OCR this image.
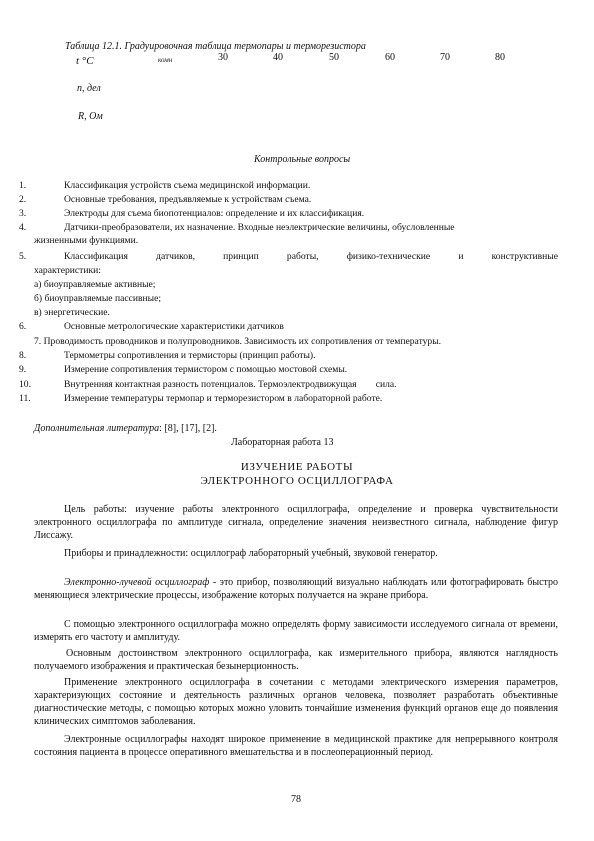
Таблица 12.1. Градуировочная таблица термопары и терморезистора
t °C	комн	30	40	50	60	70	80
n, дел
R, Ом
Контрольные вопросы
1.	Классификация устройств съема медицинской информации.
2.	Основные требования, предъявляемые к устройствам съема.
3.	Электроды для съема биопотенциалов: определение и их классификация.
4.	Датчики-преобразователи, их назначение. Входные неэлектрические величины, обусловленные
жизненными функциями.
5.	Классификация датчиков, принцип работы, физико-технические и конструктивные
характеристики:
а) биоуправляемые активные;
б) биоуправляемые пассивные;
в) энергетические.
6.	Основные метрологические характеристики датчиков
7. Проводимость проводников и полупроводников. Зависимость их сопротивления от температуры.
8.	Термометры сопротивления и термисторы (принцип работы).
9.	Измерение сопротивления термистором с помощью мостовой схемы.
10.	Внутренняя контактная разность потенциалов. Термоэлектродвижущая        сила.
11.	Измерение температуры термопар и терморезистором в лабораторной работе.
Дополнительная литература: [8], [17], [2].
Лабораторная работа 13
ИЗУЧЕНИЕ РАБОТЫ
ЭЛЕКТРОННОГО ОСЦИЛЛОГРАФА
Цель работы: изучение работы электронного осциллографа, определение и проверка чувствительности электронного осциллографа по амплитуде сигнала, определение значения неизвестного сигнала, наблюдение фигур Лиссажу.
Приборы и принадлежности: осциллограф лабораторный учебный, звуковой генератор.
Электронно-лучевой осциллограф - это прибор, позволяющий визуально наблюдать или фотографировать быстро меняющиеся электрические процессы, изображение которых получается на экране прибора.
С помощью электронного осциллографа можно определять форму зависимости исследуемого сигнала от времени, измерять его частоту и амплитуду.
Основным достоинством электронного осциллографа, как измерительного прибора, являются наглядность получаемого изображения и практическая безынерционность.
Применение электронного осциллографа в сочетании с методами электрического измерения параметров, характеризующих состояние и деятельность различных органов человека, позволяет разработать объективные диагностические методы, с помощью которых можно уловить тончайшие изменения функций органов еще до появления клинических симптомов заболевания.
Электронные осциллографы находят широкое применение в медицинской практике для непрерывного контроля состояния пациента в процессе оперативного вмешательства и в послеоперационный период.
78
